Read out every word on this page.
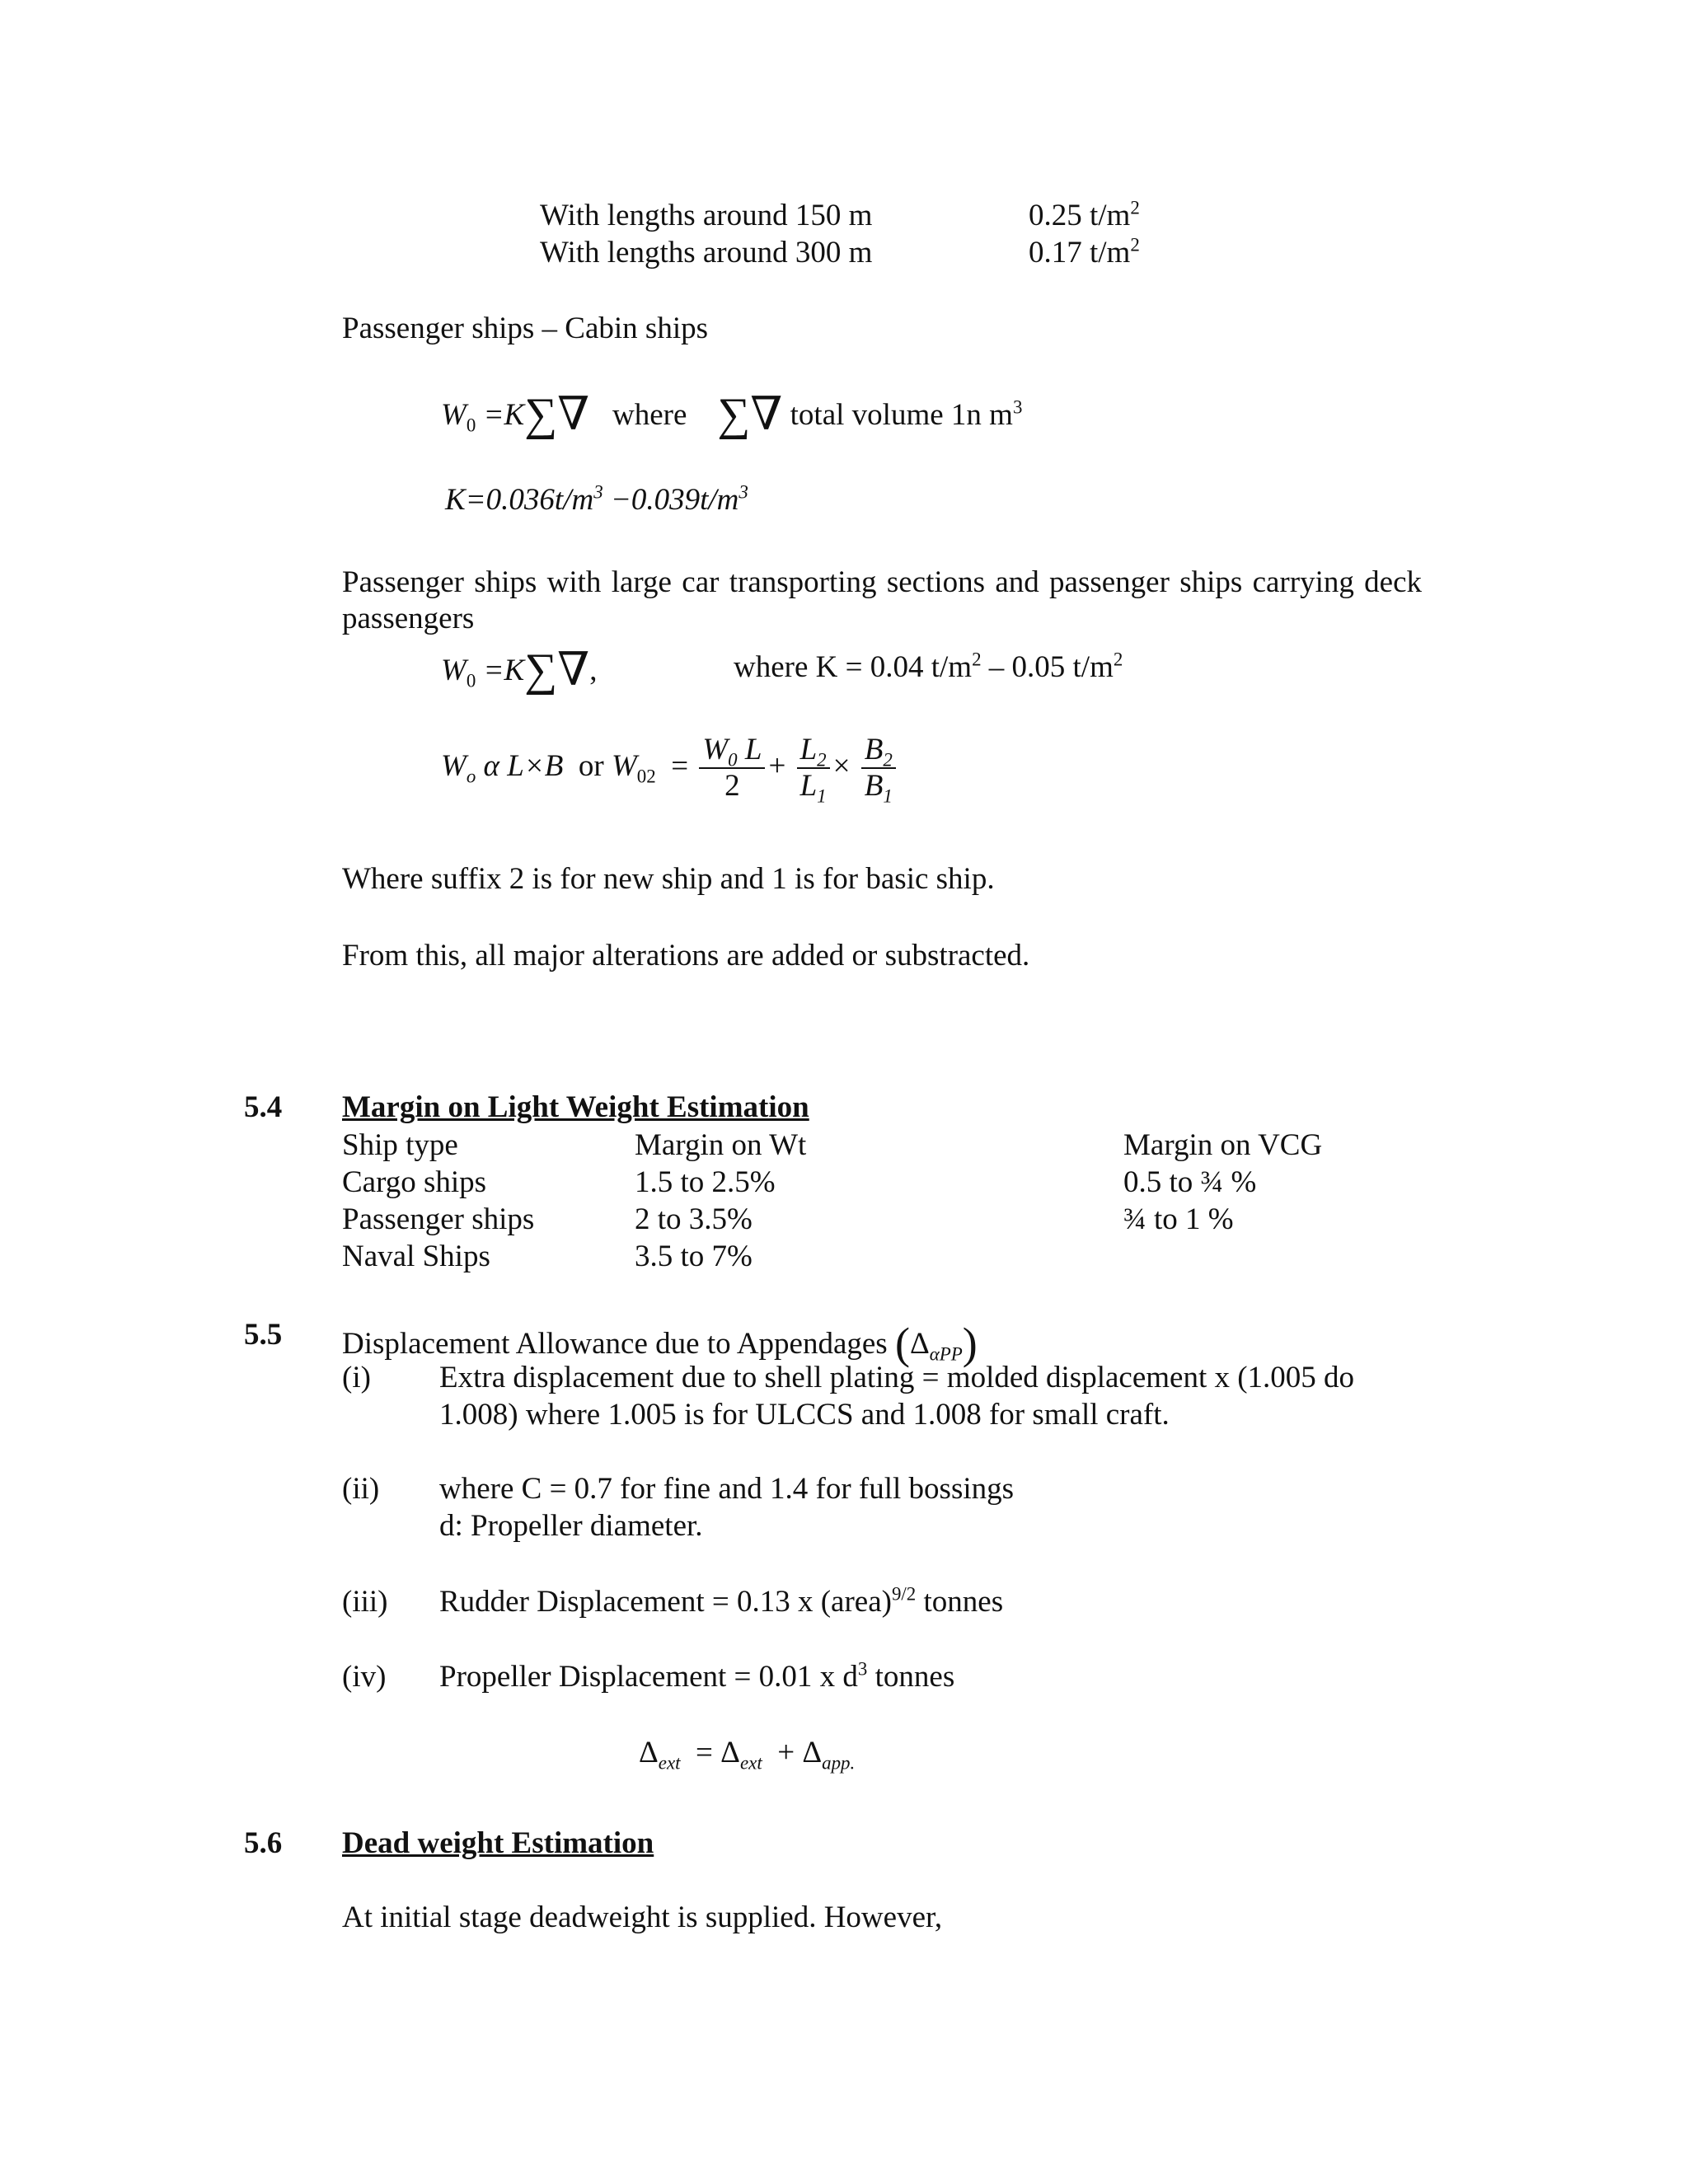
With lengths around 150 m	0.25 $t/m^2$
With lengths around 300 m	0.17 $t/m^2$
Passenger ships – Cabin ships
$W_0 =K\sum\nabla$ where ∑∇ total volume 1n $m^3$
$K=0.036t/m^3 -0.039t/m^3$
Passenger ships with large car transporting sections and passenger ships carrying deck passengers
$W_0 =K\sum\nabla$,	where K = 0.04 $t/m^2 - 0.05$ $t/m^2$
$W_o$ α L×B or $W_{02} = \frac{W_0 L}{2} + \frac{L_2}{L_1} \times \frac{B_2}{B_1}$
Where suffix 2 is for new ship and 1 is for basic ship.
From this, all major alterations are added or substracted.
5.4 Margin on Light Weight Estimation
Ship type	Margin on Wt	Margin on VCG
Cargo ships	1.5 to 2.5%	0.5 to ¾ %
Passenger ships	2 to 3.5%	¾ to 1 %
Naval Ships	3.5 to 7%
5.5 Displacement Allowance due to Appendages $(\Delta_{\alpha PP})$
(i) Extra displacement due to shell plating = molded displacement x (1.005 do
1.008) where 1.005 is for ULCCS and 1.008 for small craft.
(ii) where C = 0.7 for fine and 1.4 for full bossings
d: Propeller diameter.
(iii) Rudder Displacement = 0.13 x (area)$^{9/2}$ tonnes
(iv) Propeller Displacement = 0.01 x $d^3$ tonnes
$\Delta_{ext} = \Delta_{ext} + \Delta_{app.}$
5.6 Dead weight Estimation
At initial stage deadweight is supplied. However,
